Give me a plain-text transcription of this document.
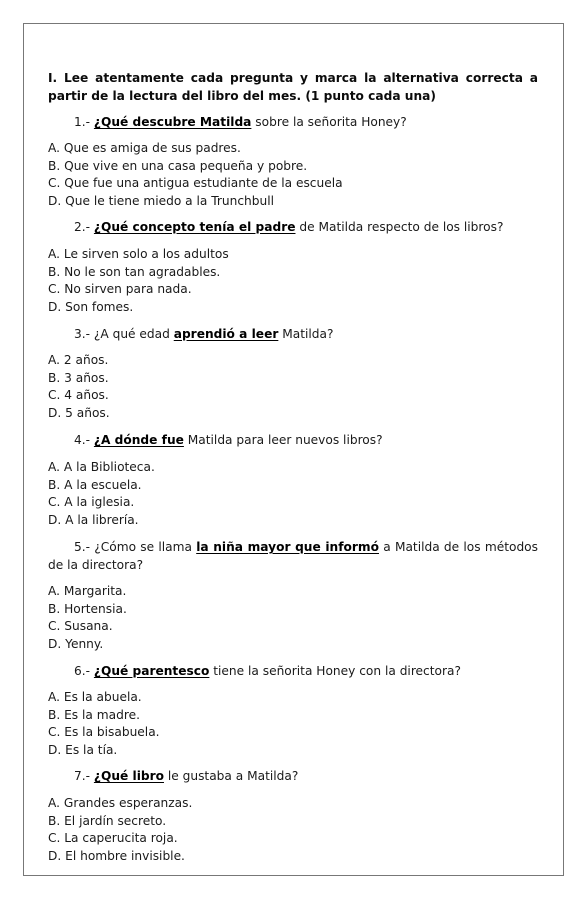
I. Lee atentamente cada pregunta y marca la alternativa correcta a partir de la lectura del libro del mes. (1 punto cada una)
1.- ¿Qué descubre Matilda sobre la señorita Honey?
A. Que es amiga de sus padres.
B. Que vive en una casa pequeña y pobre.
C. Que fue una antigua estudiante de la escuela
D. Que le tiene miedo a la Trunchbull
2.- ¿Qué concepto tenía el padre de Matilda respecto de los libros?
A. Le sirven solo a los adultos
B. No le son tan agradables.
C. No sirven para nada.
D. Son fomes.
3.- ¿A qué edad aprendió a leer Matilda?
A. 2 años.
B. 3 años.
C. 4 años.
D. 5 años.
4.- ¿A dónde fue Matilda para leer nuevos libros?
A. A la Biblioteca.
B. A la escuela.
C. A la iglesia.
D. A la librería.
5.- ¿Cómo se llama la niña mayor que informó a Matilda de los métodos de la directora?
A. Margarita.
B. Hortensia.
C. Susana.
D. Yenny.
6.- ¿Qué parentesco tiene la señorita Honey con la directora?
A. Es la abuela.
B. Es la madre.
C. Es la bisabuela.
D. Es la tía.
7.- ¿Qué libro le gustaba a Matilda?
A. Grandes esperanzas.
B. El jardín secreto.
C. La caperucita roja.
D. El hombre invisible.
